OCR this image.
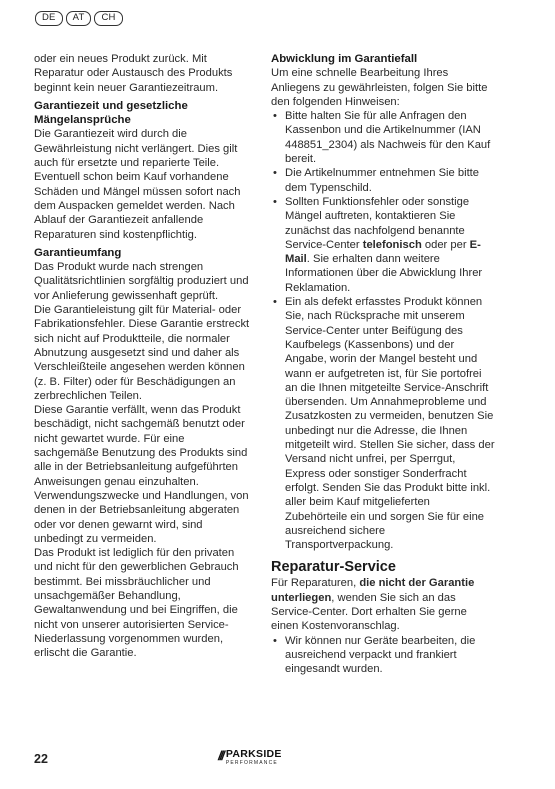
DE	AT	CH

oder ein neues Produkt zurück. Mit Reparatur oder Austausch des Produkts beginnt kein neuer Garantiezeitraum.

Garantiezeit und gesetzliche Mängelansprüche

Die Garantiezeit wird durch die Gewährleistung nicht verlängert. Dies gilt auch für ersetzte und reparierte Teile. Eventuell schon beim Kauf vorhandene Schäden und Mängel müssen sofort nach dem Auspacken gemeldet werden. Nach Ablauf der Garantiezeit anfallende Reparaturen sind kostenpflichtig.

Garantieumfang

Das Produkt wurde nach strengen Qualitätsrichtlinien sorgfältig produziert und vor Anlieferung gewissenhaft geprüft.

Die Garantieleistung gilt für Material- oder Fabrikationsfehler. Diese Garantie erstreckt sich nicht auf Produktteile, die normaler Abnutzung ausgesetzt sind und daher als Verschleißteile angesehen werden können (z. B. Filter) oder für Beschädigungen an zerbrechlichen Teilen.

Diese Garantie verfällt, wenn das Produkt beschädigt, nicht sachgemäß benutzt oder nicht gewartet wurde. Für eine sachgemäße Benutzung des Produkts sind alle in der Betriebsanleitung aufgeführten Anweisungen genau einzuhalten. Verwendungszwecke und Handlungen, von denen in der Betriebsanleitung abgeraten oder vor denen gewarnt wird, sind unbedingt zu vermeiden.

Das Produkt ist lediglich für den privaten und nicht für den gewerblichen Gebrauch bestimmt. Bei missbräuchlicher und unsachgemäßer Behandlung, Gewaltanwendung und bei Eingriffen, die nicht von unserer autorisierten Service-Niederlassung vorgenommen wurden, erlischt die Garantie.

Abwicklung im Garantiefall

Um eine schnelle Bearbeitung Ihres Anliegens zu gewährleisten, folgen Sie bitte den folgenden Hinweisen:

• Bitte halten Sie für alle Anfragen den Kassenbon und die Artikelnummer (IAN 448851_2304) als Nachweis für den Kauf bereit.
• Die Artikelnummer entnehmen Sie bitte dem Typenschild.
• Sollten Funktionsfehler oder sonstige Mängel auftreten, kontaktieren Sie zunächst das nachfolgend benannte Service-Center telefonisch oder per E-Mail. Sie erhalten dann weitere Informationen über die Abwicklung Ihrer Reklamation.
• Ein als defekt erfasstes Produkt können Sie, nach Rücksprache mit unserem Service-Center unter Beifügung des Kaufbelegs (Kassenbons) und der Angabe, worin der Mangel besteht und wann er aufgetreten ist, für Sie portofrei an die Ihnen mitgeteilte Service-Anschrift übersenden. Um Annahmeprobleme und Zusatzkosten zu vermeiden, benutzen Sie unbedingt nur die Adresse, die Ihnen mitgeteilt wird. Stellen Sie sicher, dass der Versand nicht unfrei, per Sperrgut, Express oder sonstiger Sonderfracht erfolgt. Senden Sie das Produkt bitte inkl. aller beim Kauf mitgelieferten Zubehörteile ein und sorgen Sie für eine ausreichend sichere Transportverpackung.
Reparatur-Service

Für Reparaturen, die nicht der Garantie unterliegen, wenden Sie sich an das Service-Center. Dort erhalten Sie gerne einen Kostenvoranschlag.

• Wir können nur Geräte bearbeiten, die ausreichend verpackt und frankiert eingesandt wurden.
22	/// PARKSIDE
PERFORMANCE
